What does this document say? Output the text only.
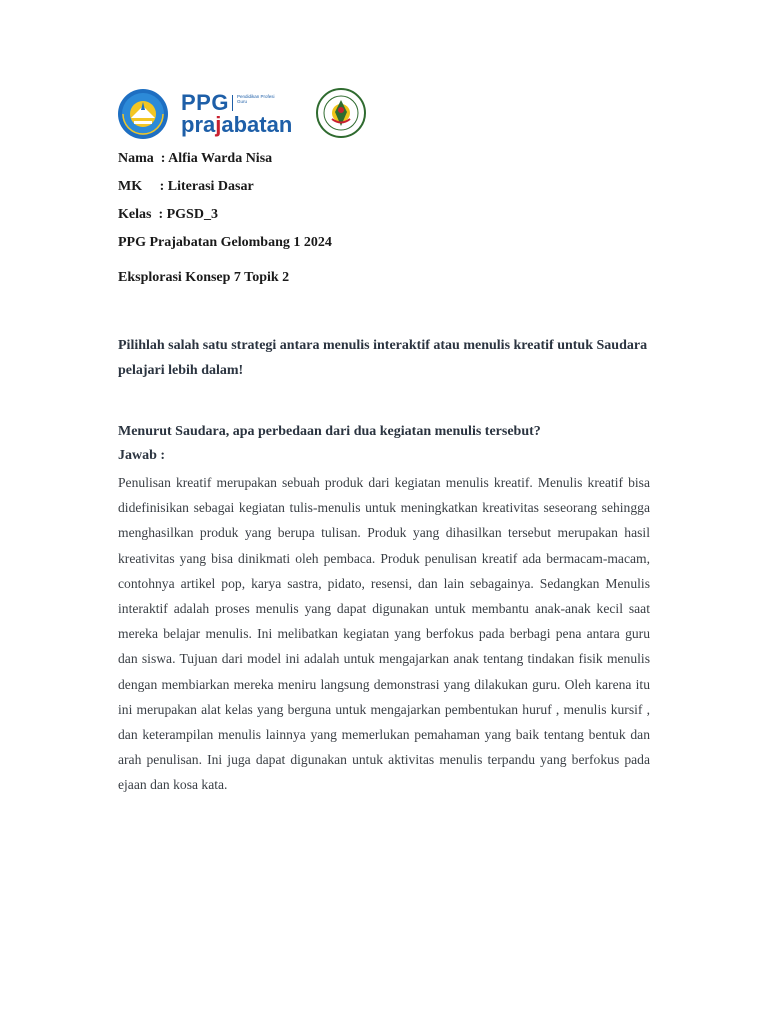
PPG Pendidikan Profesi Guru
prajabatan
Nama  : Alfia Warda Nisa
MK     : Literasi Dasar
Kelas  : PGSD_3
PPG Prajabatan Gelombang 1 2024
Eksplorasi Konsep 7 Topik 2
Pilihlah salah satu strategi antara menulis interaktif atau menulis kreatif untuk Saudara pelajari lebih dalam!
Menurut Saudara, apa perbedaan dari dua kegiatan menulis tersebut?
Jawab :
Penulisan kreatif merupakan sebuah produk dari kegiatan menulis kreatif. Menulis kreatif bisa didefinisikan sebagai kegiatan tulis-menulis untuk meningkatkan kreativitas seseorang sehingga menghasilkan produk yang berupa tulisan. Produk yang dihasilkan tersebut merupakan hasil kreativitas yang bisa dinikmati oleh pembaca. Produk penulisan kreatif ada bermacam-macam, contohnya artikel pop, karya sastra, pidato, resensi, dan lain sebagainya. Sedangkan Menulis interaktif adalah proses menulis yang dapat digunakan untuk membantu anak-anak kecil saat mereka belajar menulis. Ini melibatkan kegiatan yang berfokus pada berbagi pena antara guru dan siswa. Tujuan dari model ini adalah untuk mengajarkan anak tentang tindakan fisik menulis dengan membiarkan mereka meniru langsung demonstrasi yang dilakukan guru. Oleh karena itu ini merupakan alat kelas yang berguna untuk mengajarkan pembentukan huruf , menulis kursif , dan keterampilan menulis lainnya yang memerlukan pemahaman yang baik tentang bentuk dan arah penulisan. Ini juga dapat digunakan untuk aktivitas menulis terpandu yang berfokus pada ejaan dan kosa kata.
